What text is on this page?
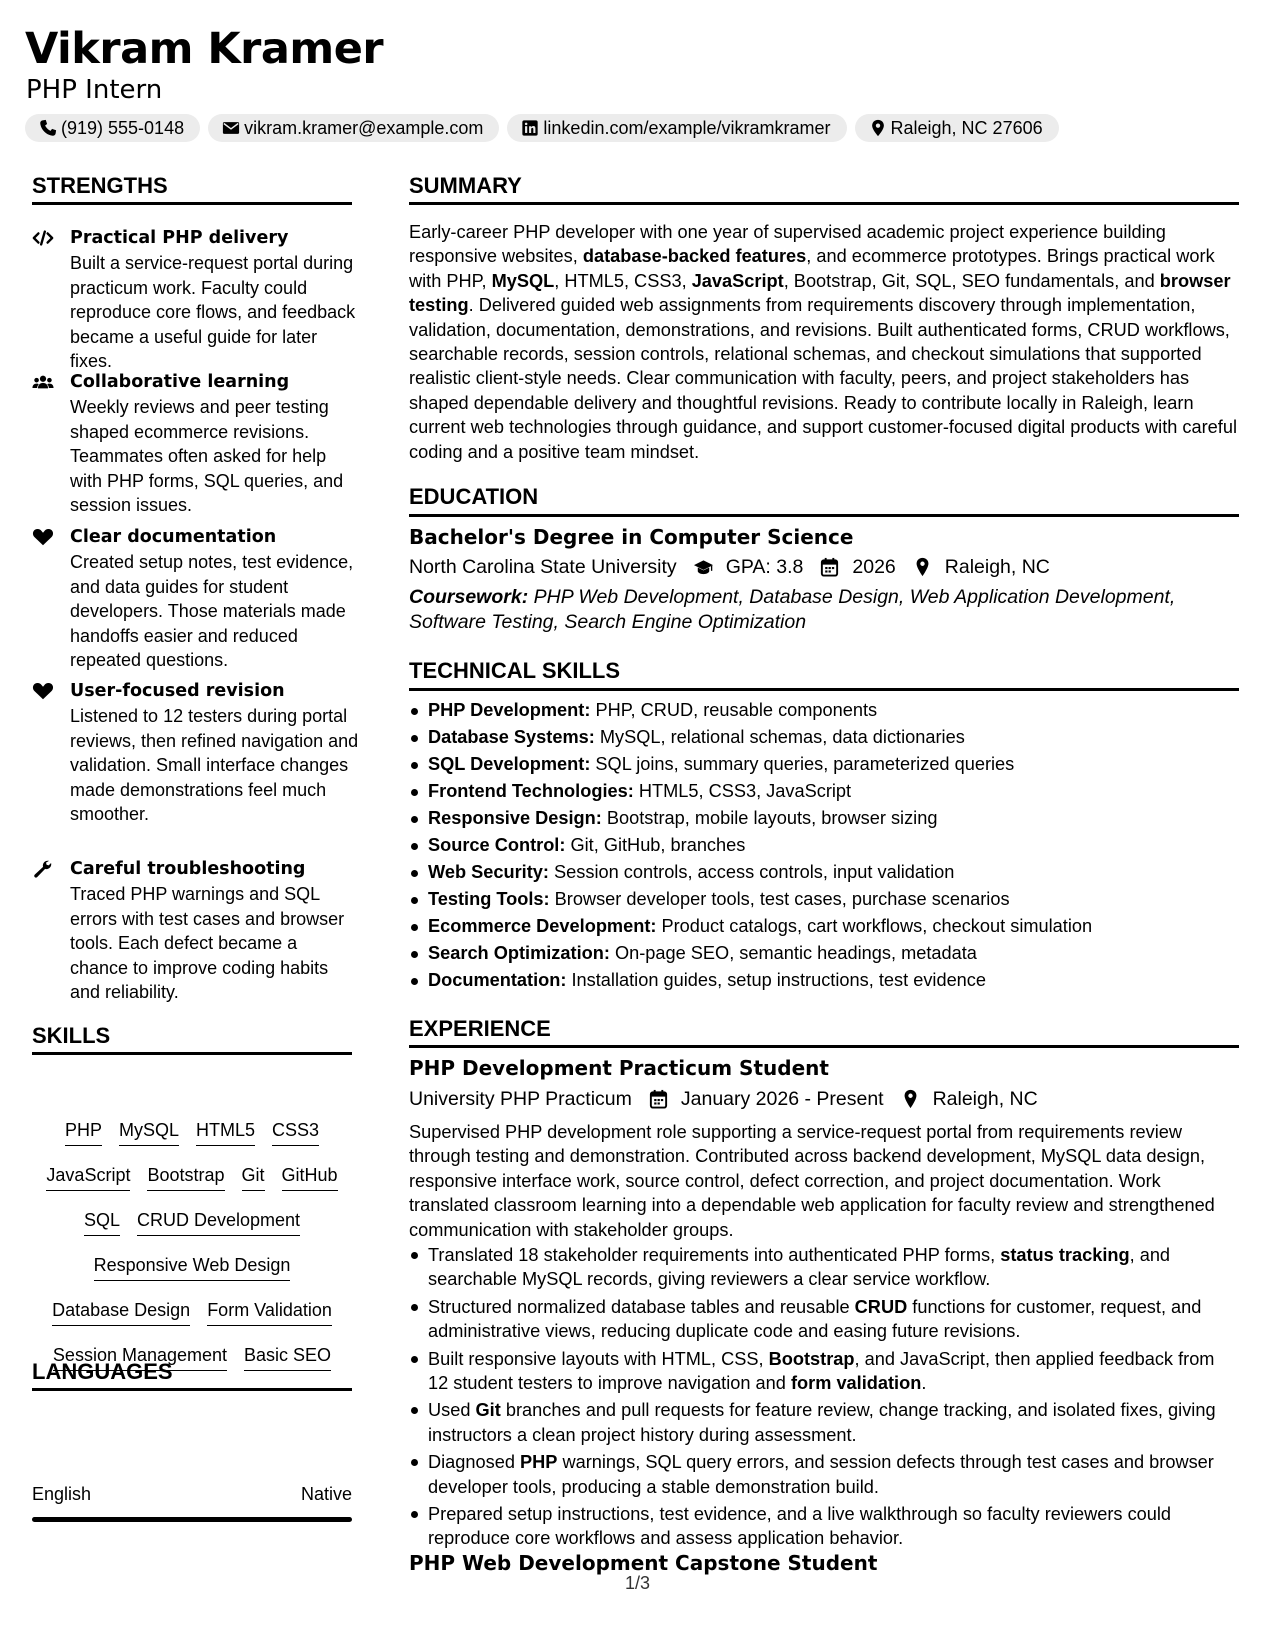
Vikram Kramer
PHP Intern
(919) 555-0148	vikram.kramer@example.com	linkedin.com/example/vikramkramer	Raleigh, NC 27606
STRENGTHS
Practical PHP delivery
Built a service-request portal during practicum work. Faculty could reproduce core flows, and feedback became a useful guide for later fixes.
Collaborative learning
Weekly reviews and peer testing shaped ecommerce revisions. Teammates often asked for help with PHP forms, SQL queries, and session issues.
Clear documentation
Created setup notes, test evidence, and data guides for student developers. Those materials made handoffs easier and reduced repeated questions.
User-focused revision
Listened to 12 testers during portal reviews, then refined navigation and validation. Small interface changes made demonstrations feel much smoother.
Careful troubleshooting
Traced PHP warnings and SQL errors with test cases and browser tools. Each defect became a chance to improve coding habits and reliability.
SKILLS
PHP MySQL HTML5 CSS3
JavaScript Bootstrap Git GitHub
SQL CRUD Development
Responsive Web Design
Database Design Form Validation
Session Management Basic SEO
LANGUAGES
English	Native
SUMMARY
Early-career PHP developer with one year of supervised academic project experience building responsive websites, database-backed features, and ecommerce prototypes. Brings practical work with PHP, MySQL, HTML5, CSS3, JavaScript, Bootstrap, Git, SQL, SEO fundamentals, and browser testing. Delivered guided web assignments from requirements discovery through implementation, validation, documentation, demonstrations, and revisions. Built authenticated forms, CRUD workflows, searchable records, session controls, relational schemas, and checkout simulations that supported realistic client-style needs. Clear communication with faculty, peers, and project stakeholders has shaped dependable delivery and thoughtful revisions. Ready to contribute locally in Raleigh, learn current web technologies through guidance, and support customer-focused digital products with careful coding and a positive team mindset.
EDUCATION
Bachelor's Degree in Computer Science
North Carolina State University	GPA: 3.8	2026	Raleigh, NC
Coursework: PHP Web Development, Database Design, Web Application Development, Software Testing, Search Engine Optimization
TECHNICAL SKILLS
PHP Development: PHP, CRUD, reusable components
Database Systems: MySQL, relational schemas, data dictionaries
SQL Development: SQL joins, summary queries, parameterized queries
Frontend Technologies: HTML5, CSS3, JavaScript
Responsive Design: Bootstrap, mobile layouts, browser sizing
Source Control: Git, GitHub, branches
Web Security: Session controls, access controls, input validation
Testing Tools: Browser developer tools, test cases, purchase scenarios
Ecommerce Development: Product catalogs, cart workflows, checkout simulation
Search Optimization: On-page SEO, semantic headings, metadata
Documentation: Installation guides, setup instructions, test evidence
EXPERIENCE
PHP Development Practicum Student
University PHP Practicum	January 2026 - Present	Raleigh, NC
Supervised PHP development role supporting a service-request portal from requirements review through testing and demonstration. Contributed across backend development, MySQL data design, responsive interface work, source control, defect correction, and project documentation. Work translated classroom learning into a dependable web application for faculty review and strengthened communication with stakeholder groups.
Translated 18 stakeholder requirements into authenticated PHP forms, status tracking, and searchable MySQL records, giving reviewers a clear service workflow.
Structured normalized database tables and reusable CRUD functions for customer, request, and administrative views, reducing duplicate code and easing future revisions.
Built responsive layouts with HTML, CSS, Bootstrap, and JavaScript, then applied feedback from 12 student testers to improve navigation and form validation.
Used Git branches and pull requests for feature review, change tracking, and isolated fixes, giving instructors a clean project history during assessment.
Diagnosed PHP warnings, SQL query errors, and session defects through test cases and browser developer tools, producing a stable demonstration build.
Prepared setup instructions, test evidence, and a live walkthrough so faculty reviewers could reproduce core workflows and assess application behavior.
PHP Web Development Capstone Student
1/3
